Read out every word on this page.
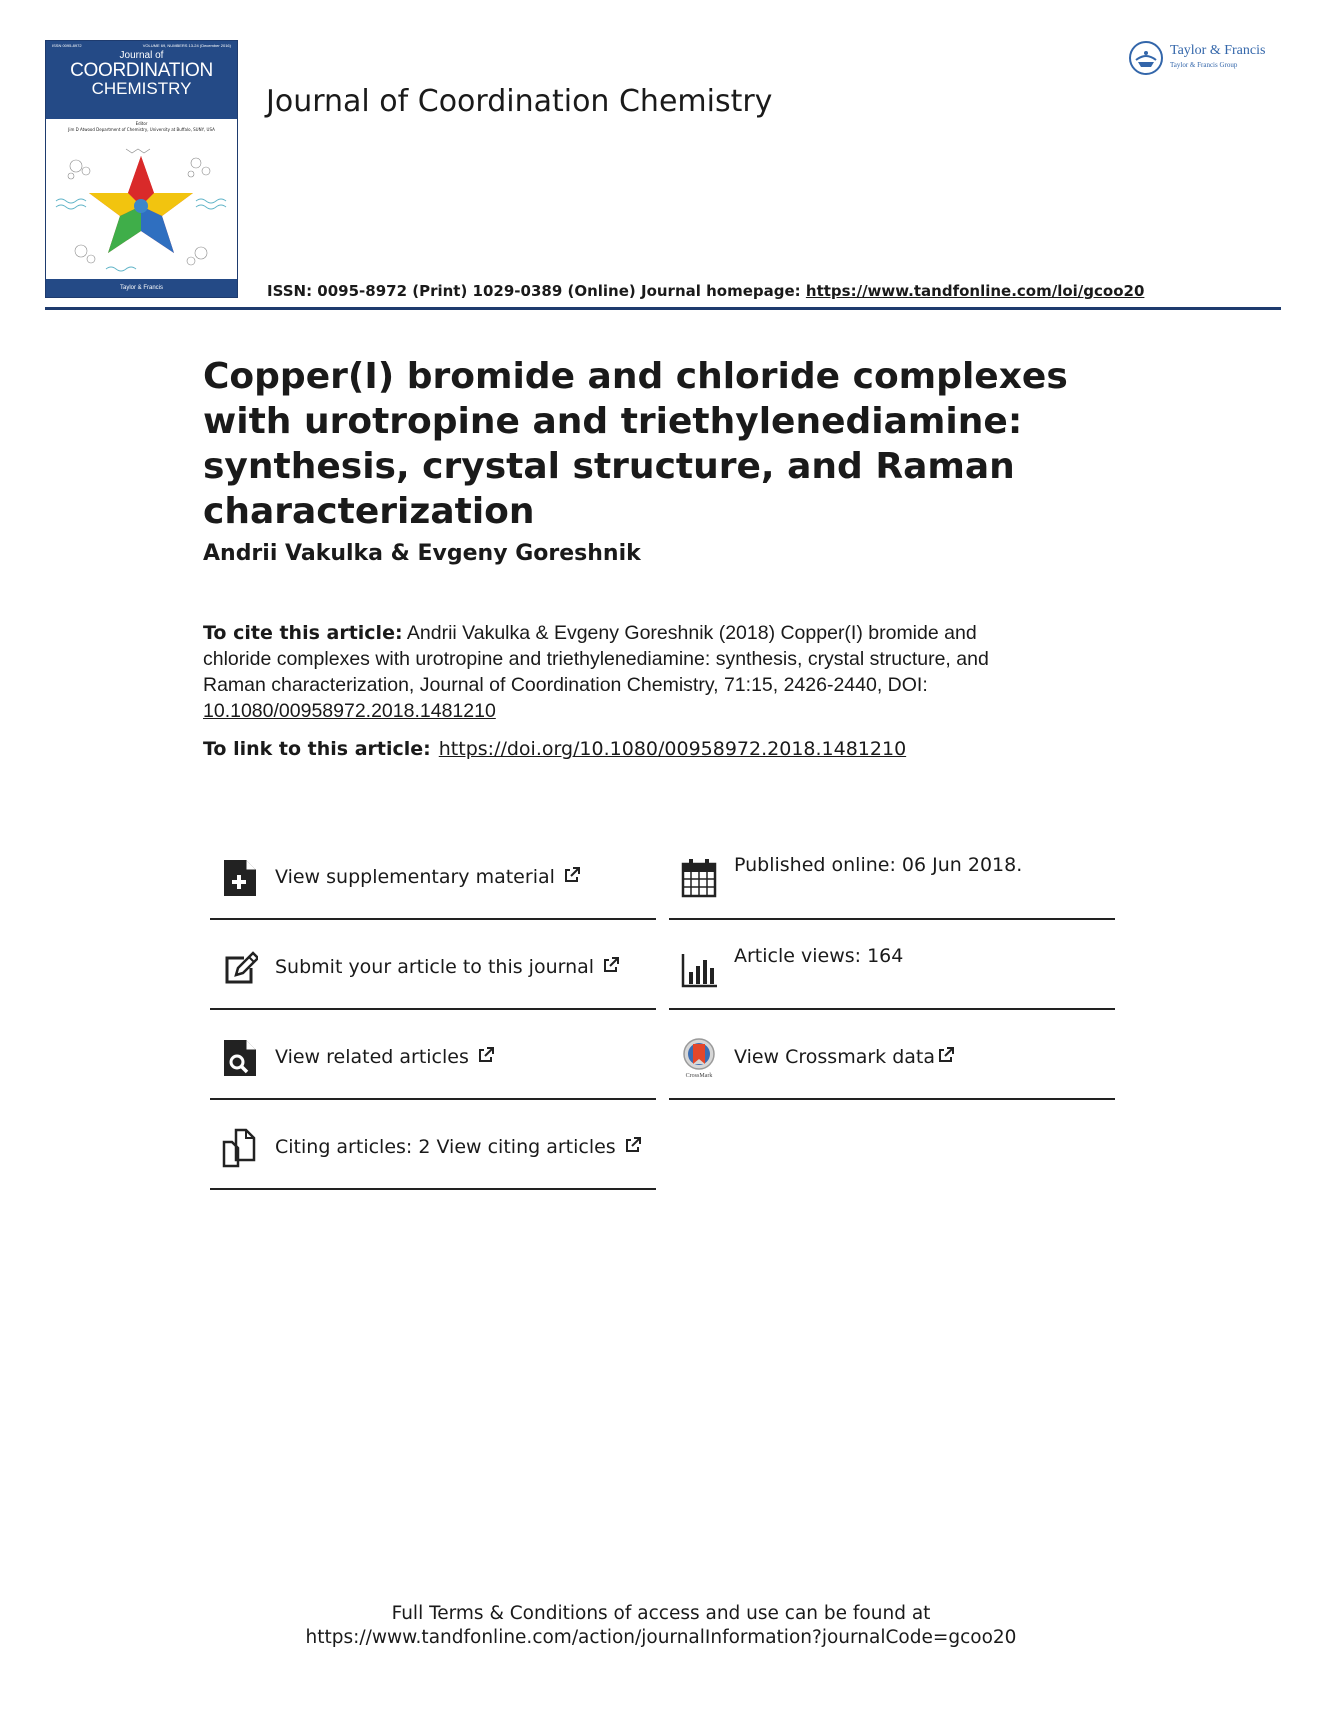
ISSN 0095-8972	VOLUME 69, NUMBERS 13-24 (December 2016)
Journal of
COORDINATION
CHEMISTRY
Editor
Jim D Atwood Department of Chemistry, University at Buffalo, SUNY, USA
Taylor & Francis
Journal of Coordination Chemistry
Taylor & Francis
Taylor & Francis Group
ISSN: 0095-8972 (Print) 1029-0389 (Online) Journal homepage: https://www.tandfonline.com/loi/gcoo20
Copper(I) bromide and chloride complexes with urotropine and triethylenediamine: synthesis, crystal structure, and Raman characterization
Andrii Vakulka & Evgeny Goreshnik
To cite this article: Andrii Vakulka & Evgeny Goreshnik (2018) Copper(I) bromide and chloride complexes with urotropine and triethylenediamine: synthesis, crystal structure, and Raman characterization, Journal of Coordination Chemistry, 71:15, 2426-2440, DOI: 10.1080/00958972.2018.1481210
To link to this article: https://doi.org/10.1080/00958972.2018.1481210
View supplementary material
Submit your article to this journal
View related articles
Citing articles: 2 View citing articles
Published online: 06 Jun 2018.
Article views: 164
CrossMark
View Crossmark data
Full Terms & Conditions of access and use can be found at
https://www.tandfonline.com/action/journalInformation?journalCode=gcoo20
